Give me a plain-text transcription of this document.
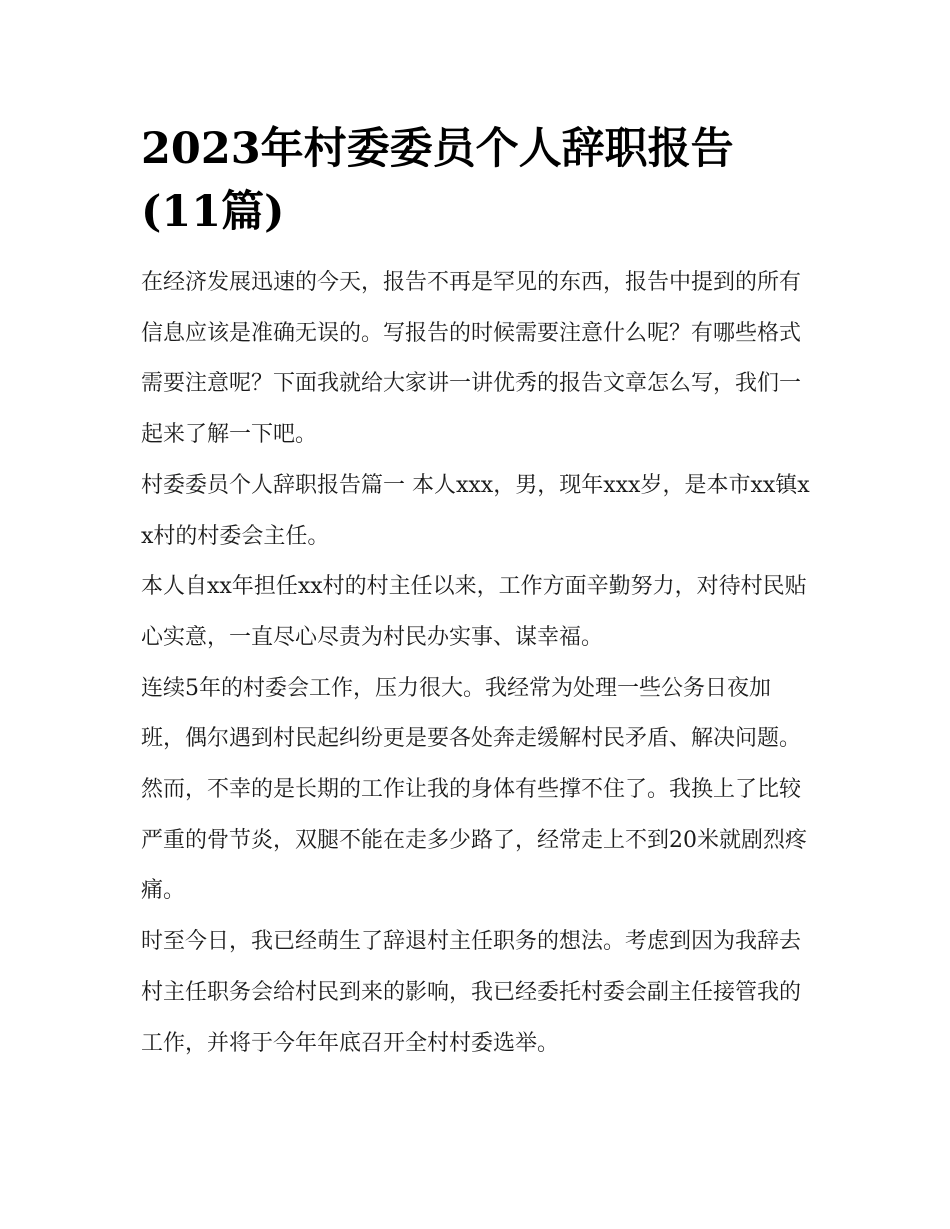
2023年村委委员个人辞职报告
(11篇)

在经济发展迅速的今天，报告不再是罕见的东西，报告中提到的所有信息应该是准确无误的。写报告的时候需要注意什么呢？有哪些格式需要注意呢？下面我就给大家讲一讲优秀的报告文章怎么写，我们一起来了解一下吧。

村委委员个人辞职报告篇一 本人xxx，男，现年xxx岁，是本市xx镇xx村的村委会主任。

本人自xx年担任xx村的村主任以来，工作方面辛勤努力，对待村民贴心实意，一直尽心尽责为村民办实事、谋幸福。

连续5年的村委会工作，压力很大。我经常为处理一些公务日夜加班，偶尔遇到村民起纠纷更是要各处奔走缓解村民矛盾、解决问题。然而，不幸的是长期的工作让我的身体有些撑不住了。我换上了比较严重的骨节炎，双腿不能在走多少路了，经常走上不到20米就剧烈疼痛。

时至今日，我已经萌生了辞退村主任职务的想法。考虑到因为我辞去村主任职务会给村民到来的影响，我已经委托村委会副主任接管我的工作，并将于今年年底召开全村村委选举。
